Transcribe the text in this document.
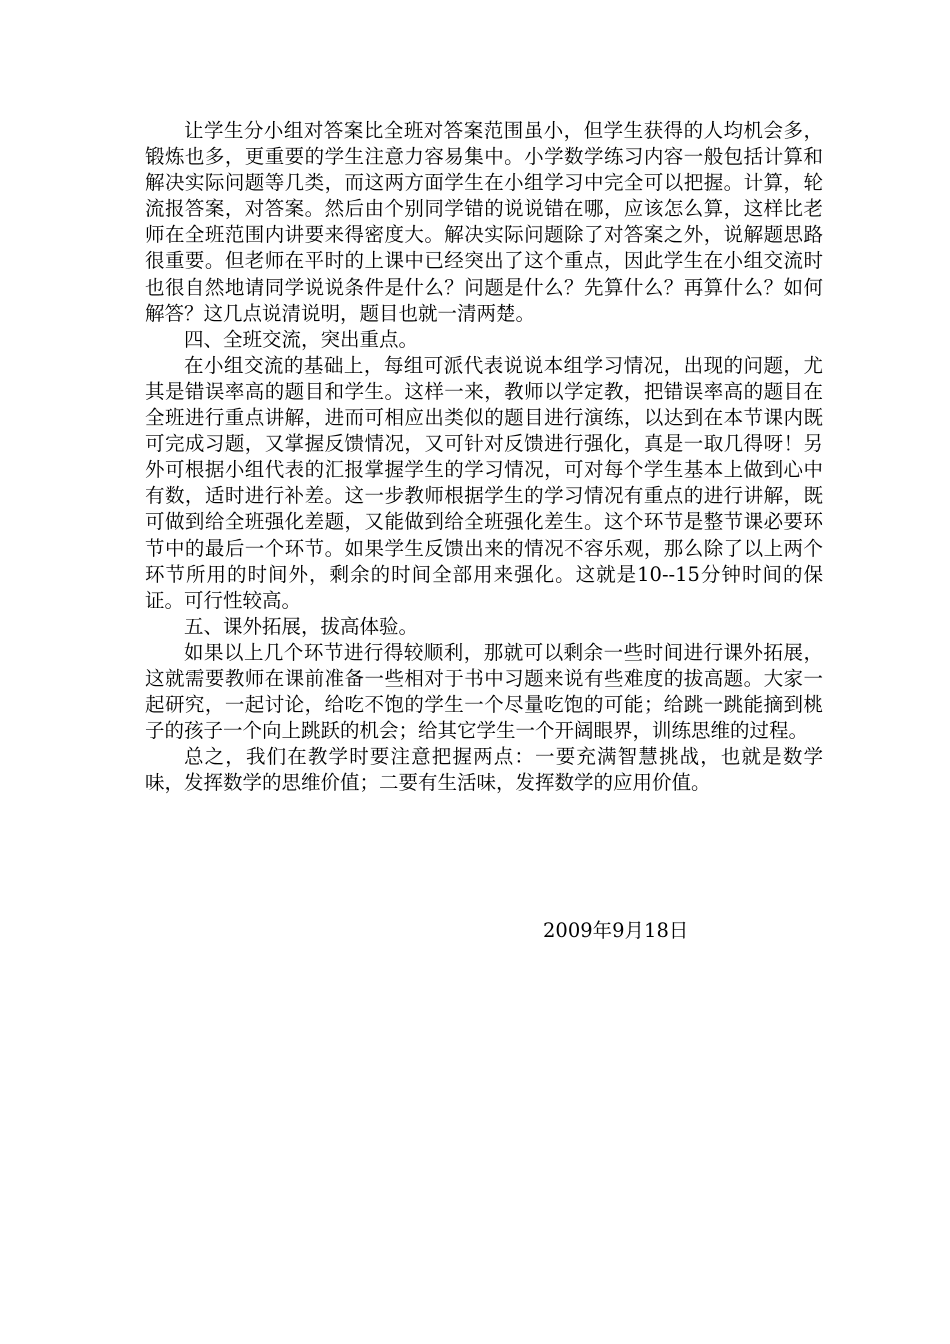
让学生分小组对答案比全班对答案范围虽小，但学生获得的人均机会多，锻炼也多，更重要的学生注意力容易集中。小学数学练习内容一般包括计算和解决实际问题等几类，而这两方面学生在小组学习中完全可以把握。计算，轮流报答案，对答案。然后由个别同学错的说说错在哪，应该怎么算，这样比老师在全班范围内讲要来得密度大。解决实际问题除了对答案之外，说解题思路很重要。但老师在平时的上课中已经突出了这个重点，因此学生在小组交流时也很自然地请同学说说条件是什么？问题是什么？先算什么？再算什么？如何解答？这几点说清说明，题目也就一清两楚。

四、全班交流，突出重点。

在小组交流的基础上，每组可派代表说说本组学习情况，出现的问题，尤其是错误率高的题目和学生。这样一来，教师以学定教，把错误率高的题目在全班进行重点讲解，进而可相应出类似的题目进行演练，以达到在本节课内既可完成习题，又掌握反馈情况，又可针对反馈进行强化，真是一取几得呀！另外可根据小组代表的汇报掌握学生的学习情况，可对每个学生基本上做到心中有数，适时进行补差。这一步教师根据学生的学习情况有重点的进行讲解，既可做到给全班强化差题，又能做到给全班强化差生。这个环节是整节课必要环节中的最后一个环节。如果学生反馈出来的情况不容乐观，那么除了以上两个环节所用的时间外，剩余的时间全部用来强化。这就是10--15分钟时间的保证。可行性较高。

五、课外拓展，拔高体验。

如果以上几个环节进行得较顺利，那就可以剩余一些时间进行课外拓展，这就需要教师在课前准备一些相对于书中习题来说有些难度的拔高题。大家一起研究，一起讨论，给吃不饱的学生一个尽量吃饱的可能；给跳一跳能摘到桃子的孩子一个向上跳跃的机会；给其它学生一个开阔眼界，训练思维的过程。

总之，我们在教学时要注意把握两点：一要充满智慧挑战，也就是数学味，发挥数学的思维价值；二要有生活味，发挥数学的应用价值。

2009年9月18日
